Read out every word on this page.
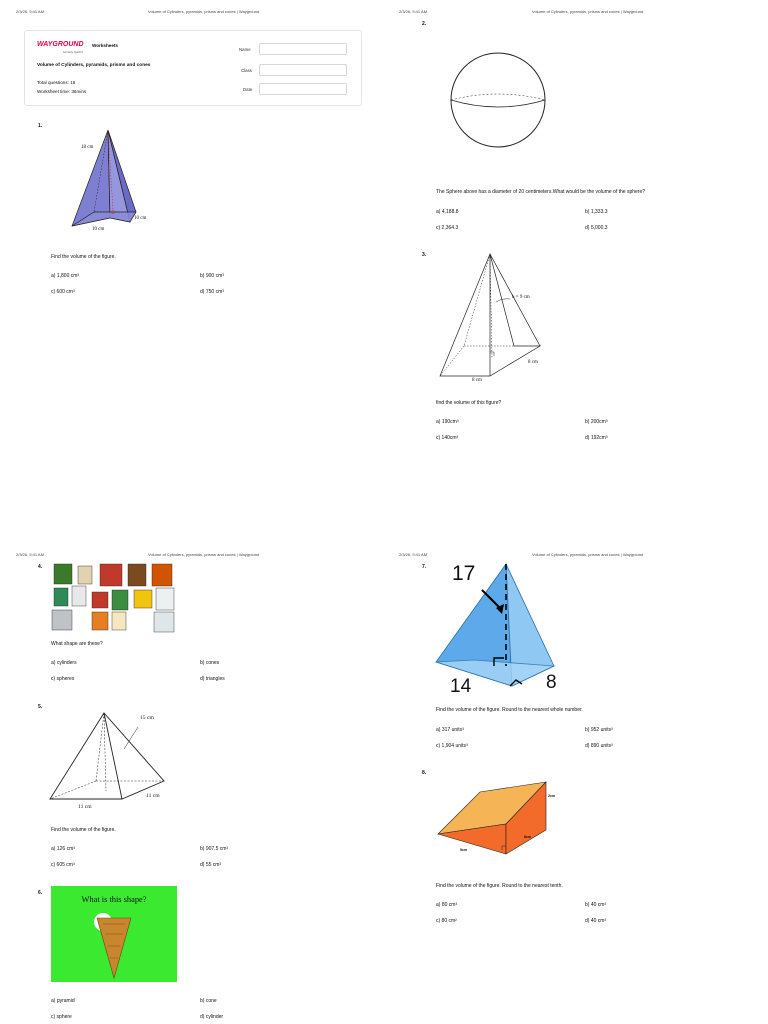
2/3/26, 9:41 AM	Volume of Cylinders, pyramids, prisms and cones | Wayground
WAYGROUND Worksheets
formerly Quizizz
Volume of Cylinders, pyramids, prisms and cones
Total questions: 15
Worksheet time: 36mins
Name
Class
Date
1.
18 cm
10 cm
10 cm
Find the volume of the figure.
a) 1,800 cm³	b) 900 cm³
c) 600 cm³	d) 750 cm³
2/3/26, 9:41 AM	Volume of Cylinders, pyramids, prisms and cones | Wayground
2.
The Sphere above has a diameter of 20 centimeters.What would be the volume of the sphere?
a) 4,188.8	b) 1,333.3
c) 2,364.3	d) 5,000.3
3.
h = 9 cm
8 cm
8 cm
find the volume of this figure?
a) 190cm³	b) 200cm³
c) 140cm³	d) 192cm³
2/3/26, 9:41 AM	Volume of Cylinders, pyramids, prisms and cones | Wayground
4.
What shape are these?
a) cylinders	b) cones
c) spheres	d) triangles
5.
15 cm
11 cm
11 cm
Find the volume of the figure.
a) 126 cm³	b) 907.5 cm³
c) 605 cm³	d) 55 cm³
6.
What is this shape?
a) pyramid	b) cone
c) sphere	d) cylinder
2/3/26, 9:41 AM	Volume of Cylinders, pyramids, prisms and cones | Wayground
7. 17
14	8
Find the volume of the figure. Round to the nearest whole number.
a) 317 units³	b) 952 units³
c) 1,904 units³	d) 890 units³
8.
2cm
8cm
5cm
Find the volume of the figure. Round to the nearest tenth.
a) 80 cm³	b) 40 cm³
c) 80 cm²	d) 40 cm³
